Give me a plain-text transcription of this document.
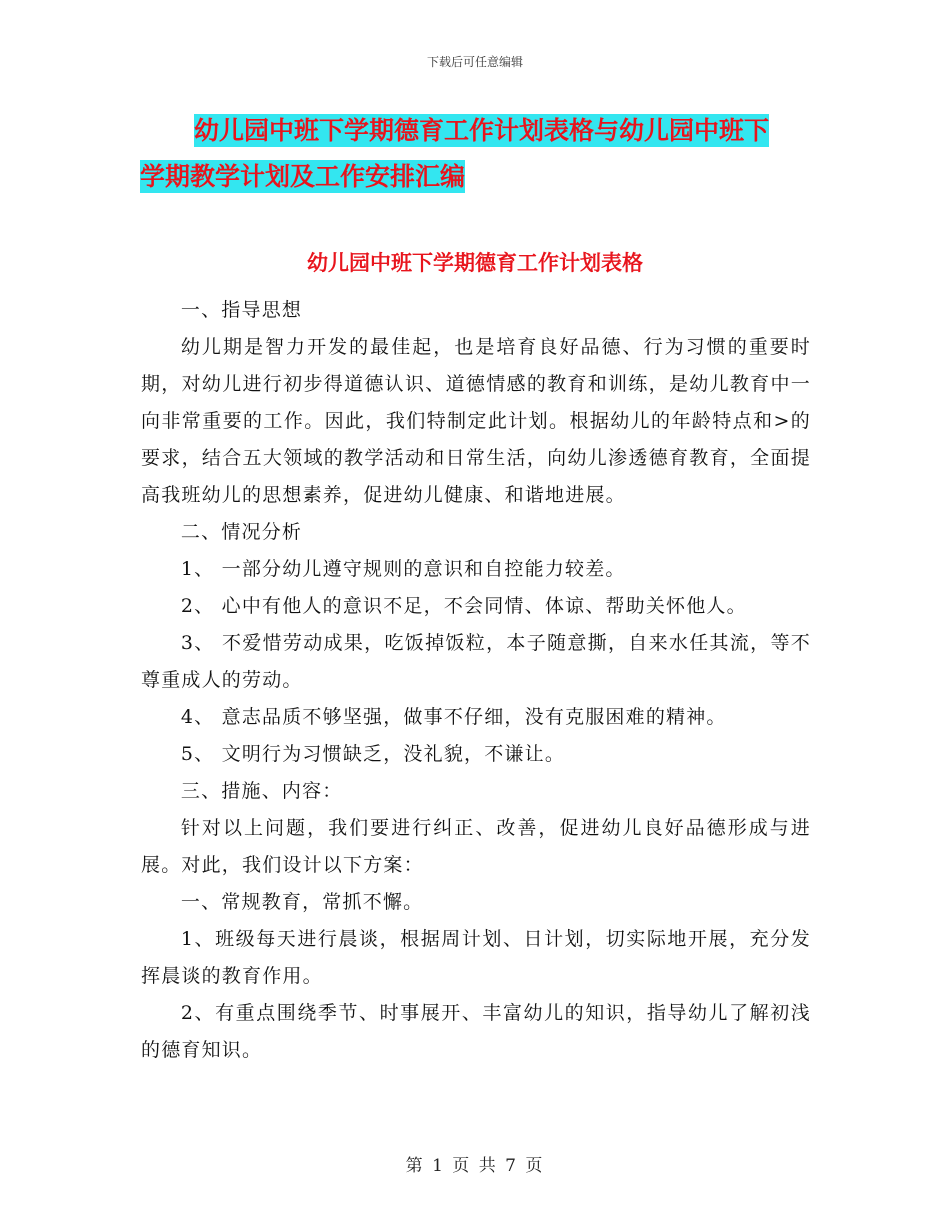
下载后可任意编辑
幼儿园中班下学期德育工作计划表格与幼儿园中班下
学期教学计划及工作安排汇编
幼儿园中班下学期德育工作计划表格

一、指导思想

幼儿期是智力开发的最佳起，也是培育良好品德、行为习惯的重要时期，对幼儿进行初步得道德认识、道德情感的教育和训练，是幼儿教育中一向非常重要的工作。因此，我们特制定此计划。根据幼儿的年龄特点和>的要求，结合五大领域的教学活动和日常生活，向幼儿渗透德育教育，全面提高我班幼儿的思想素养，促进幼儿健康、和谐地进展。

二、情况分析

1、 一部分幼儿遵守规则的意识和自控能力较差。

2、 心中有他人的意识不足，不会同情、体谅、帮助关怀他人。

3、 不爱惜劳动成果，吃饭掉饭粒，本子随意撕，自来水任其流，等不尊重成人的劳动。

4、 意志品质不够坚强，做事不仔细，没有克服困难的精神。

5、 文明行为习惯缺乏，没礼貌，不谦让。

三、措施、内容：

针对以上问题，我们要进行纠正、改善，促进幼儿良好品德形成与进展。对此，我们设计以下方案：

一、常规教育，常抓不懈。

1、班级每天进行晨谈，根据周计划、日计划，切实际地开展，充分发挥晨谈的教育作用。

2、有重点围绕季节、时事展开、丰富幼儿的知识，指导幼儿了解初浅的德育知识。

第 1 页 共 7 页
